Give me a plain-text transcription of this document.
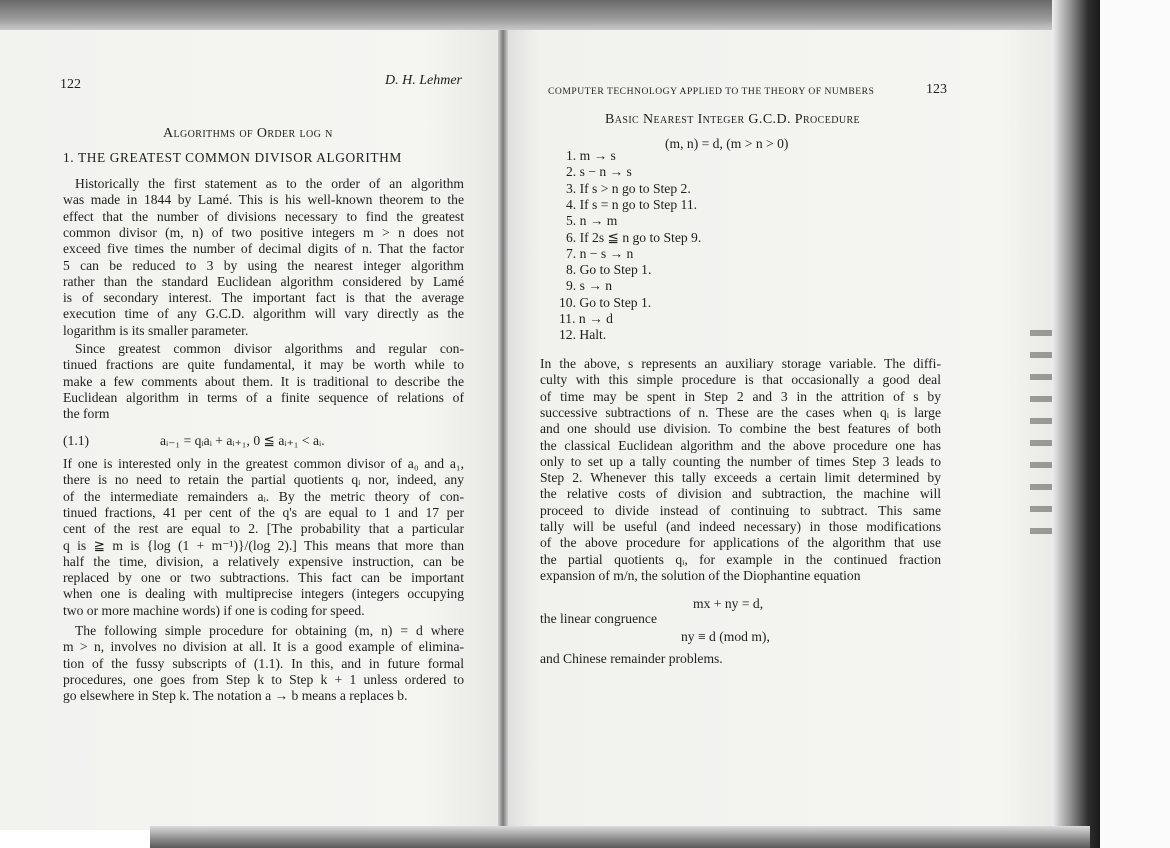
122	D. H. Lehmer
Algorithms of Order log n
1. THE GREATEST COMMON DIVISOR ALGORITHM
Historically the first statement as to the order of an algorithm
was made in 1844 by Lamé. This is his well-known theorem to the
effect that the number of divisions necessary to find the greatest
common divisor (m, n) of two positive integers m > n does not
exceed five times the number of decimal digits of n. That the factor
5 can be reduced to 3 by using the nearest integer algorithm
rather than the standard Euclidean algorithm considered by Lamé
is of secondary interest. The important fact is that the average
execution time of any G.C.D. algorithm will vary directly as the
logarithm is its smaller parameter.
Since greatest common divisor algorithms and regular con-
tinued fractions are quite fundamental, it may be worth while to
make a few comments about them. It is traditional to describe the
Euclidean algorithm in terms of a finite sequence of relations of
the form
(1.1)	aᵢ₋₁ = qᵢaᵢ + aᵢ₊₁, 0 ≦ aᵢ₊₁ < aᵢ.
If one is interested only in the greatest common divisor of a₀ and a₁,
there is no need to retain the partial quotients qᵢ nor, indeed, any
of the intermediate remainders aᵢ. By the metric theory of con-
tinued fractions, 41 per cent of the q's are equal to 1 and 17 per
cent of the rest are equal to 2. [The probability that a particular
q is ≧ m is {log (1 + m⁻¹)}/(log 2).] This means that more than
half the time, division, a relatively expensive instruction, can be
replaced by one or two subtractions. This fact can be important
when one is dealing with multiprecise integers (integers occupying
two or more machine words) if one is coding for speed.
The following simple procedure for obtaining (m, n) = d where
m > n, involves no division at all. It is a good example of elimina-
tion of the fussy subscripts of (1.1). In this, and in future formal
procedures, one goes from Step k to Step k + 1 unless ordered to
go elsewhere in Step k. The notation a → b means a replaces b.
COMPUTER TECHNOLOGY APPLIED TO THE THEORY OF NUMBERS	123
Basic Nearest Integer G.C.D. Procedure
(m, n) = d, (m > n > 0)
1. m → s
2. s − n → s
3. If s > n go to Step 2.
4. If s = n go to Step 11.
5. n → m
6. If 2s ≦ n go to Step 9.
7. n − s → n
8. Go to Step 1.
9. s → n
10. Go to Step 1.
11. n → d
12. Halt.
In the above, s represents an auxiliary storage variable. The diffi-
culty with this simple procedure is that occasionally a good deal
of time may be spent in Step 2 and 3 in the attrition of s by
successive subtractions of n. These are the cases when qᵢ is large
and one should use division. To combine the best features of both
the classical Euclidean algorithm and the above procedure one has
only to set up a tally counting the number of times Step 3 leads to
Step 2. Whenever this tally exceeds a certain limit determined by
the relative costs of division and subtraction, the machine will
proceed to divide instead of continuing to subtract. This same
tally will be useful (and indeed necessary) in those modifications
of the above procedure for applications of the algorithm that use
the partial quotients qᵢ, for example in the continued fraction
expansion of m/n, the solution of the Diophantine equation
mx + ny = d,
the linear congruence
ny ≡ d (mod m),
and Chinese remainder problems.
